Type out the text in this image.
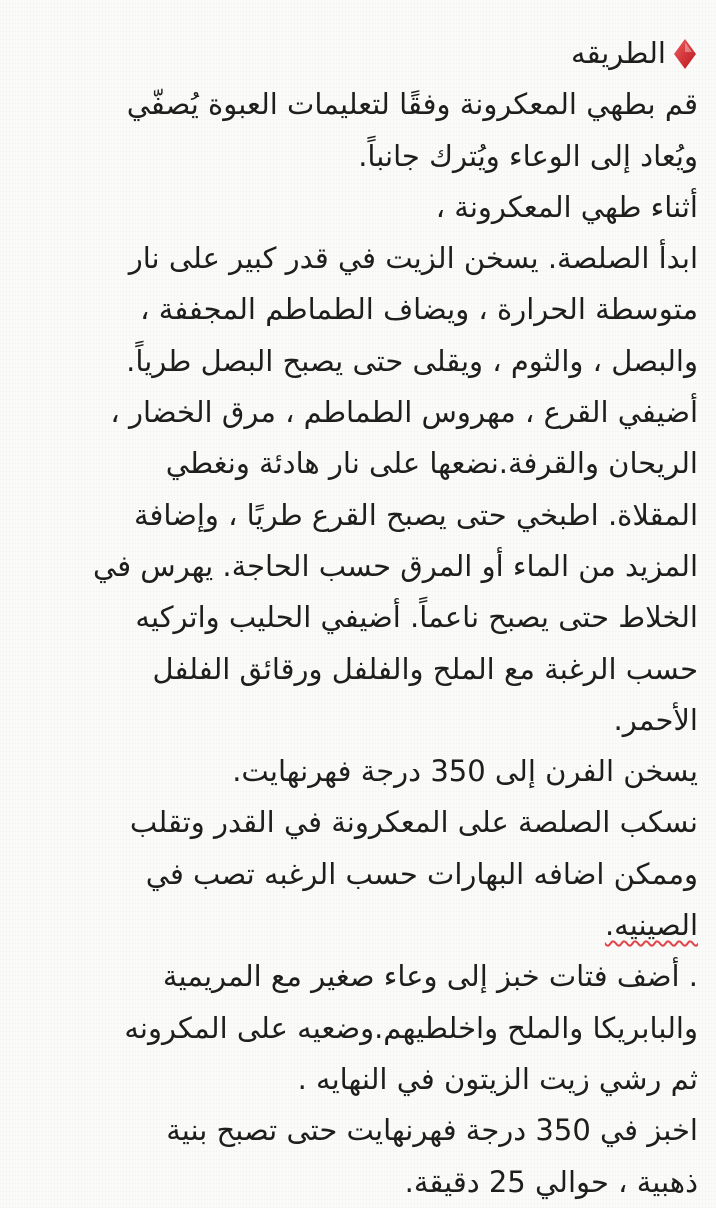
الطريقه
قم بطهي المعكرونة وفقًا لتعليمات العبوة يُصفّي
ويُعاد إلى الوعاء ويُترك جانباً.
أثناء طهي المعكرونة ،
ابدأ الصلصة. يسخن الزيت في قدر كبير على نار
متوسطة الحرارة ، ويضاف الطماطم المجففة ،
والبصل ، والثوم ، ويقلى حتى يصبح البصل طرياً.
أضيفي القرع ، مهروس الطماطم ، مرق الخضار ،
الريحان والقرفة.نضعها على نار هادئة ونغطي
المقلاة. اطبخي حتى يصبح القرع طريًا ، وإضافة
المزيد من الماء أو المرق حسب الحاجة. يهرس في
الخلاط حتى يصبح ناعماً. أضيفي الحليب واتركيه
حسب الرغبة مع الملح والفلفل ورقائق الفلفل
الأحمر.
يسخن الفرن إلى 350 درجة فهرنهايت.
نسكب الصلصة على المعكرونة في القدر وتقلب
وممكن اضافه البهارات حسب الرغبه تصب في
الصينيه.
. أضف فتات خبز إلى وعاء صغير مع المريمية
والبابريكا والملح واخلطيهم.وضعيه على المكرونه
ثم رشي زيت الزيتون في النهايه .
اخبز في 350 درجة فهرنهايت حتى تصبح بنية
ذهبية ، حوالي 25 دقيقة.
